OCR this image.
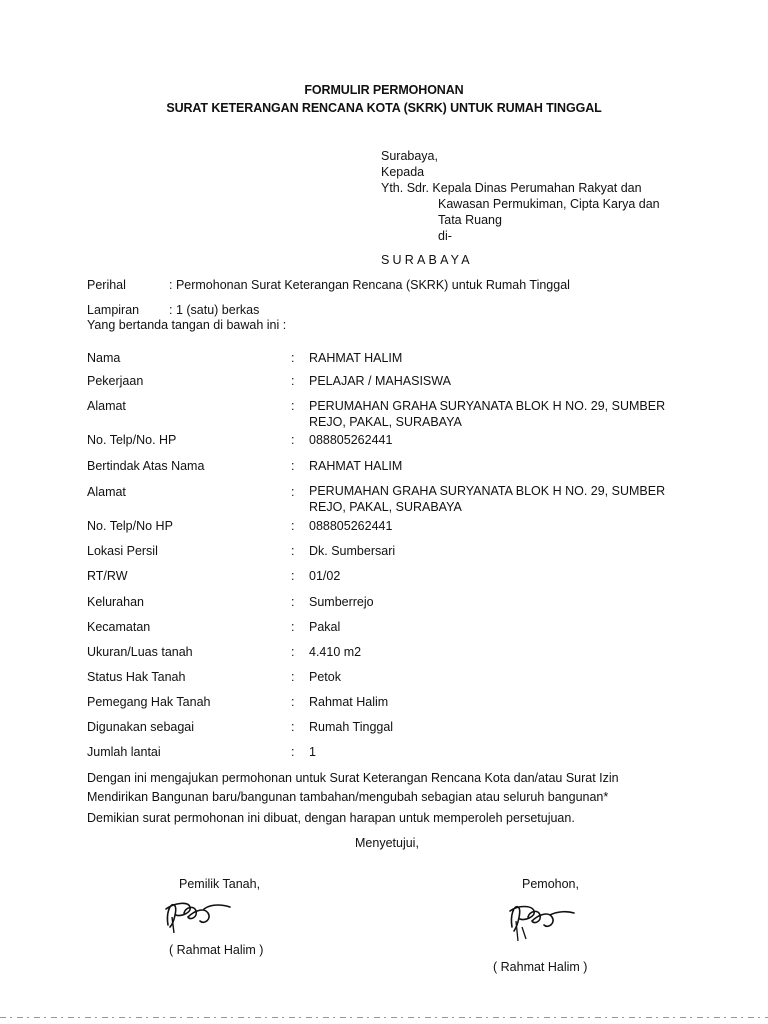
FORMULIR PERMOHONAN
SURAT KETERANGAN RENCANA KOTA (SKRK) UNTUK RUMAH TINGGAL
Surabaya,
Kepada
Yth. Sdr. Kepala Dinas Perumahan Rakyat dan
Kawasan Permukiman, Cipta Karya dan
Tata Ruang
di-
SURABAYA
Perihal	: Permohonan Surat Keterangan Rencana (SKRK) untuk Rumah Tinggal
Lampiran : 1 (satu) berkas
Yang bertanda tangan di bawah ini :
Nama	: RAHMAT HALIM
Pekerjaan	: PELAJAR / MAHASISWA
Alamat	: PERUMAHAN GRAHA SURYANATA BLOK H NO. 29, SUMBER
REJO, PAKAL, SURABAYA
No. Telp/No. HP	: 088805262441
Bertindak Atas Nama	: RAHMAT HALIM
Alamat	: PERUMAHAN GRAHA SURYANATA BLOK H NO. 29, SUMBER
REJO, PAKAL, SURABAYA
No. Telp/No HP	: 088805262441
Lokasi Persil	: Dk. Sumbersari
RT/RW	: 01/02
Kelurahan	: Sumberrejo
Kecamatan	: Pakal
Ukuran/Luas tanah	: 4.410 m2
Status Hak Tanah	: Petok
Pemegang Hak Tanah	: Rahmat Halim
Digunakan sebagai	: Rumah Tinggal
Jumlah lantai	: 1
Dengan ini mengajukan permohonan untuk Surat Keterangan Rencana Kota dan/atau Surat Izin
Mendirikan Bangunan baru/bangunan tambahan/mengubah sebagian atau seluruh bangunan*
Demikian surat permohonan ini dibuat, dengan harapan untuk memperoleh persetujuan.
Menyetujui,
Pemilik Tanah,	Pemohon,
( Rahmat Halim )
( Rahmat Halim )
